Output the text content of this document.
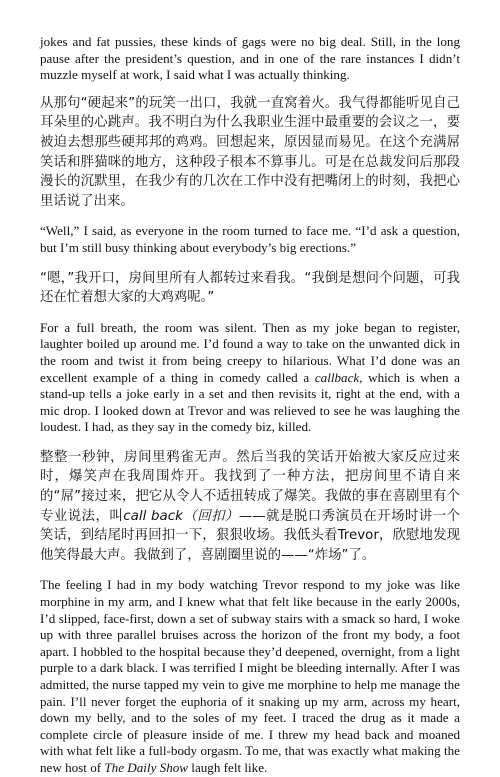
jokes and fat pussies, these kinds of gags were no big deal. Still, in the long pause after the president’s question, and in one of the rare instances I didn’t muzzle myself at work, I said what I was actually thinking.

从那句“硬起来”的玩笑一出口，我就一直窝着火。我气得都能听见自己耳朵里的心跳声。我不明白为什么我职业生涯中最重要的会议之一，要被迫去想那些硬邦邦的鸡鸡。回想起来，原因显而易见。在这个充满屌笑话和胖猫咪的地方，这种段子根本不算事儿。可是在总裁发问后那段漫长的沉默里，在我少有的几次在工作中没有把嘴闭上的时刻，我把心里话说了出来。

“Well,” I said, as everyone in the room turned to face me. “I’d ask a question, but I’m still busy thinking about everybody’s big erections.”

“嗯，”我开口，房间里所有人都转过来看我。“我倒是想问个问题，可我还在忙着想大家的大鸡鸡呢。”

For a full breath, the room was silent. Then as my joke began to register, laughter boiled up around me. I’d found a way to take on the unwanted dick in the room and twist it from being creepy to hilarious. What I’d done was an excellent example of a thing in comedy called a callback, which is when a stand-up tells a joke early in a set and then revisits it, right at the end, with a mic drop. I looked down at Trevor and was relieved to see he was laughing the loudest. I had, as they say in the comedy biz, killed.

整整一秒钟，房间里鸦雀无声。然后当我的笑话开始被大家反应过来时，爆笑声在我周围炸开。我找到了一种方法，把房间里不请自来的“屌”接过来，把它从令人不适扭转成了爆笑。我做的事在喜剧里有个专业说法，叫call back（回扣）——就是脱口秀演员在开场时讲一个笑话，到结尾时再回扣一下，狠狠收场。我低头看Trevor，欣慰地发现他笑得最大声。我做到了，喜剧圈里说的——“炸场”了。

The feeling I had in my body watching Trevor respond to my joke was like morphine in my arm, and I knew what that felt like because in the early 2000s, I’d slipped, face-first, down a set of subway stairs with a smack so hard, I woke up with three parallel bruises across the horizon of the front my body, a foot apart. I hobbled to the hospital because they’d deepened, overnight, from a light purple to a dark black. I was terrified I might be bleeding internally. After I was admitted, the nurse tapped my vein to give me morphine to help me manage the pain. I’ll never forget the euphoria of it snaking up my arm, across my heart, down my belly, and to the soles of my feet. I traced the drug as it made a complete circle of pleasure inside of me. I threw my head back and moaned with what felt like a full-body orgasm. To me, that was exactly what making the new host of The Daily Show laugh felt like.
